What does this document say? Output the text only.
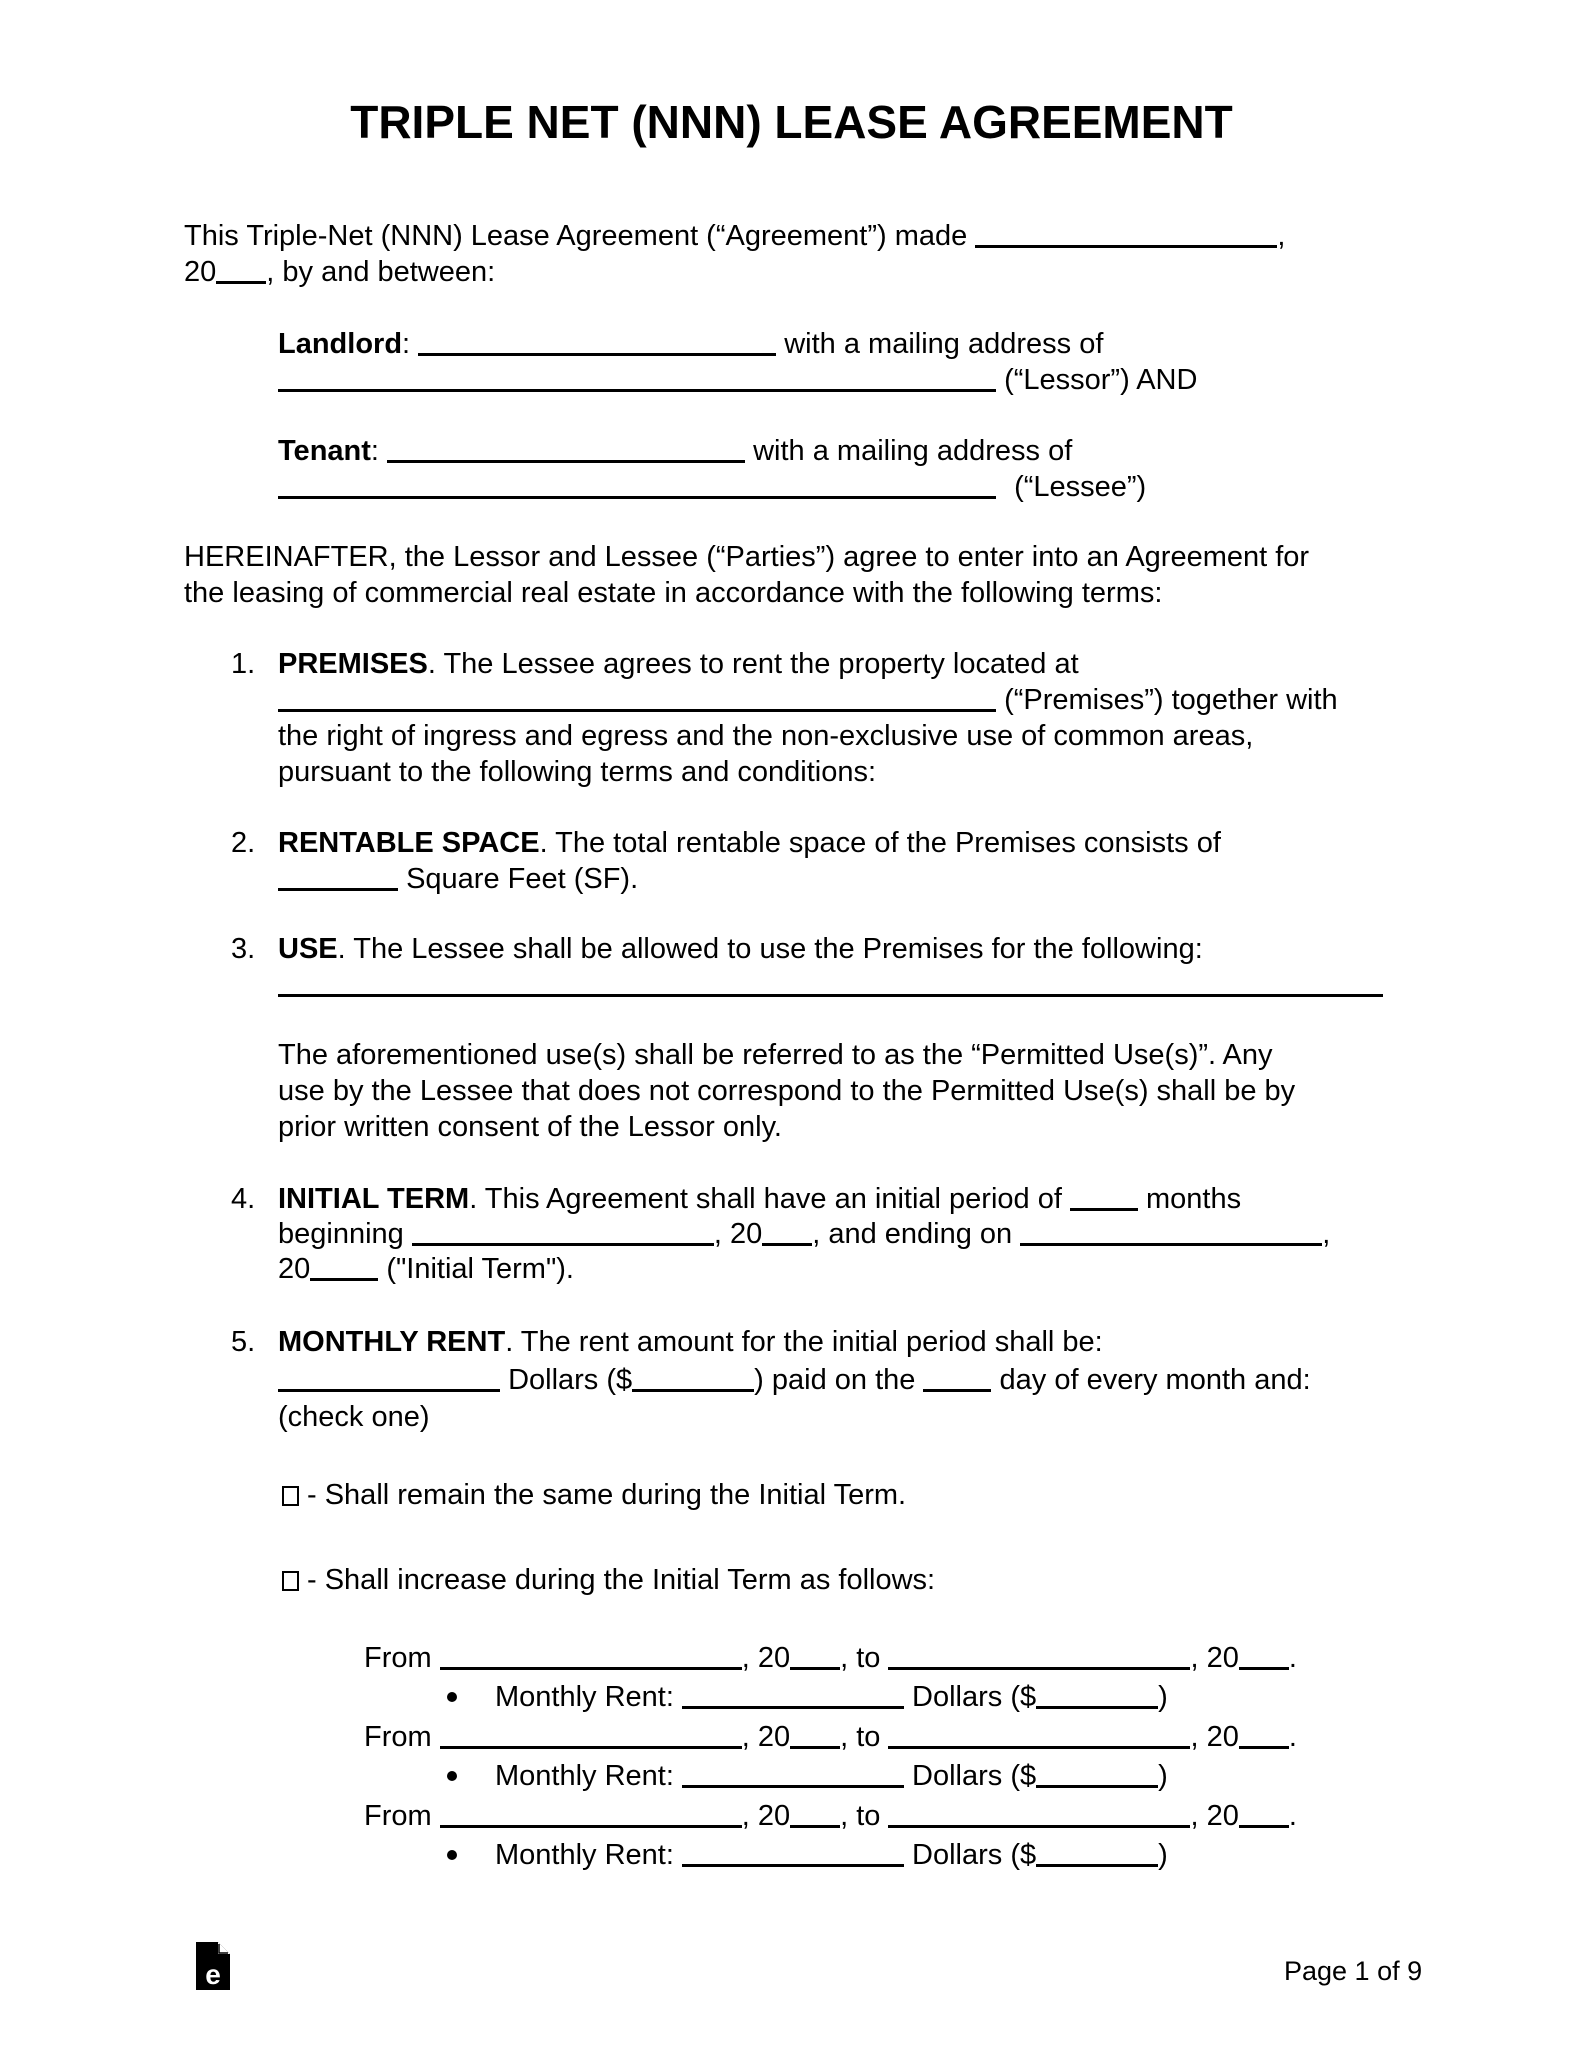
TRIPLE NET (NNN) LEASE AGREEMENT
This Triple-Net (NNN) Lease Agreement (“Agreement”) made	,
20 , by and between:
Landlord:	with a mailing address of
(“Lessor”) AND
Tenant:	with a mailing address of
(“Lessee”)
HEREINAFTER, the Lessor and Lessee (“Parties”) agree to enter into an Agreement for
the leasing of commercial real estate in accordance with the following terms:
1. PREMISES. The Lessee agrees to rent the property located at
(“Premises”) together with
the right of ingress and egress and the non-exclusive use of common areas,
pursuant to the following terms and conditions:
2. RENTABLE SPACE. The total rentable space of the Premises consists of
Square Feet (SF).
3. USE. The Lessee shall be allowed to use the Premises for the following:
The aforementioned use(s) shall be referred to as the “Permitted Use(s)”. Any
use by the Lessee that does not correspond to the Permitted Use(s) shall be by
prior written consent of the Lessor only.
4. INITIAL TERM. This Agreement shall have an initial period of	months
beginning	, 20 , and ending on	,
20	("Initial Term").
5. MONTHLY RENT. The rent amount for the initial period shall be:
Dollars ($	) paid on the	day of every month and:
(check one)
- Shall remain the same during the Initial Term.
- Shall increase during the Initial Term as follows:
From	, 20 , to	, 20 .
Monthly Rent:	Dollars ($	)
From	, 20 , to	, 20 .
Monthly Rent:	Dollars ($	)
From	, 20 , to	, 20 .
Monthly Rent:	Dollars ($	)
e	Page 1 of 9
